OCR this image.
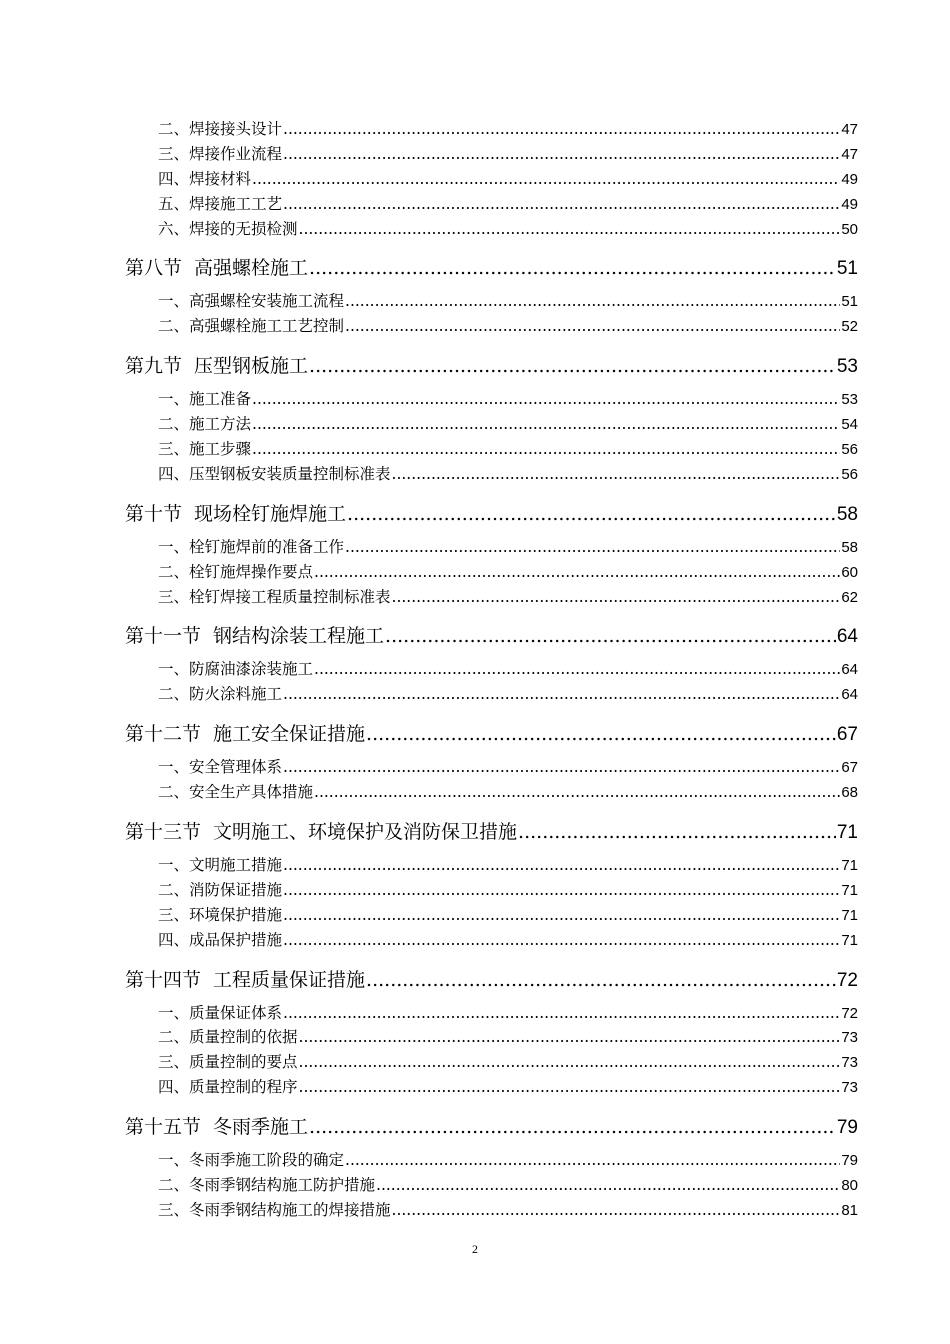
二、 焊接接头设计 .....	47
三、 焊接作业流程 .....	47
四、 焊接材料 .....	49
五、 焊接施工工艺 .....	49
六、 焊接的无损检测 .....	50
第八节 高强螺栓施工 .....	51
一、 高强螺栓安装施工流程 .....	51
二、 高强螺栓施工工艺控制 .....	52
第九节 压型钢板施工 .....	53
一、 施工准备 .....	53
二、 施工方法 .....	54
三、 施工步骤 .....	56
四、 压型钢板安装质量控制标准表 .....	56
第十节 现场栓钉施焊施工 .....	58
一、 栓钉施焊前的准备工作 .....	58
二、 栓钉施焊操作要点 .....	60
三、 栓钉焊接工程质量控制标准表 .....	62
第十一节 钢结构涂装工程施工 .....	64
一、 防腐油漆涂装施工 .....	64
二、 防火涂料施工 .....	64
第十二节 施工安全保证措施 .....	67
一、 安全管理体系 .....	67
二、 安全生产具体措施 .....	68
第十三节 文明施工、环境保护及消防保卫措施 .....	71
一、 文明施工措施 .....	71
二、 消防保证措施 .....	71
三、 环境保护措施 .....	71
四、 成品保护措施 .....	71
第十四节 工程质量保证措施 .....	72
一、 质量保证体系 .....	72
二、 质量控制的依据 .....	73
三、 质量控制的要点 .....	73
四、 质量控制的程序 .....	73
第十五节 冬雨季施工 .....	79
一、 冬雨季施工阶段的确定 .....	79
二、 冬雨季钢结构施工防护措施 .....	80
三、 冬雨季钢结构施工的焊接措施 .....	81
2
